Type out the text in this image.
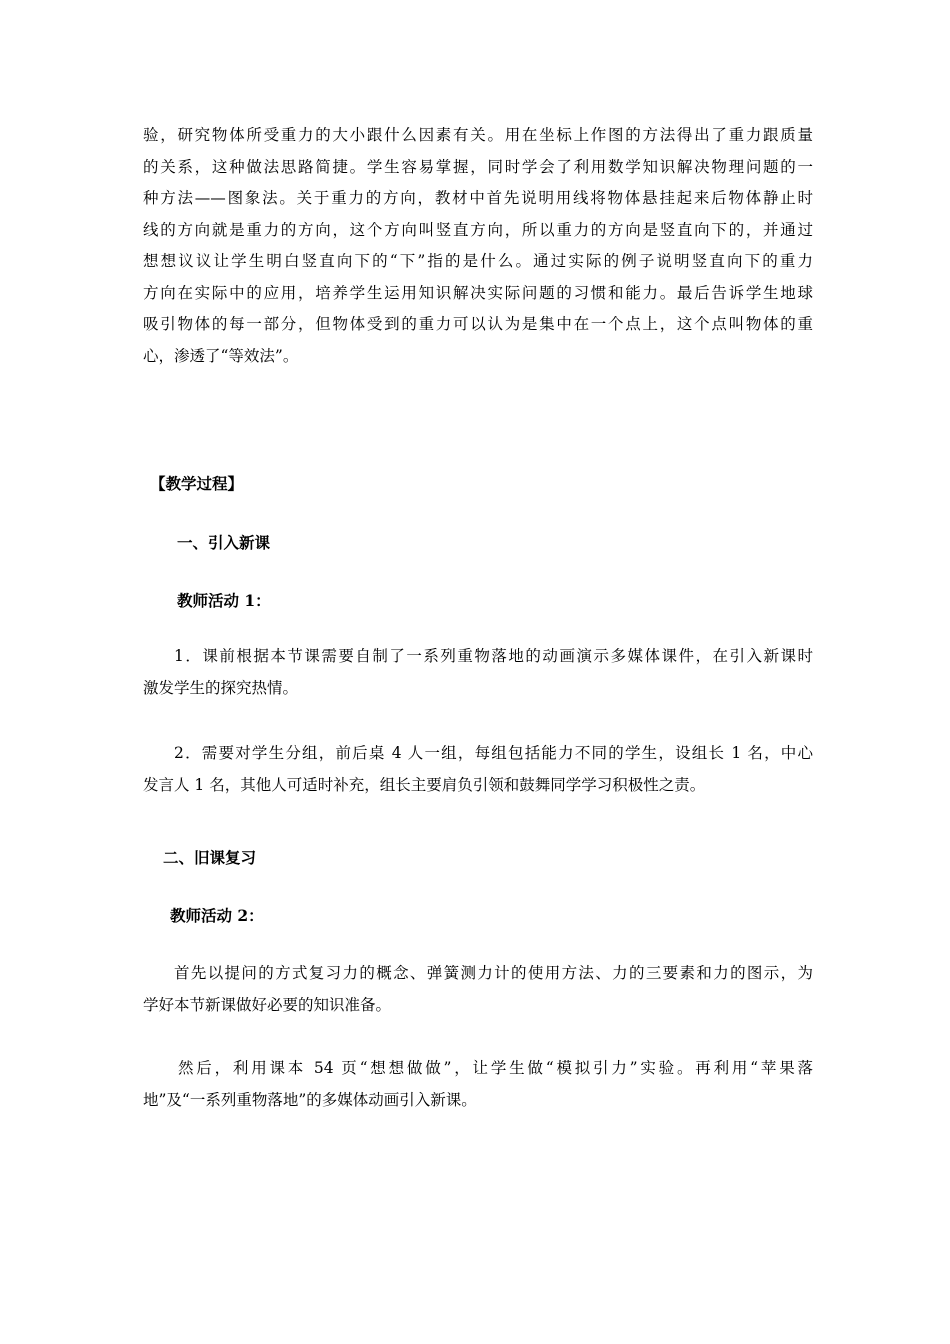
验，研究物体所受重力的大小跟什么因素有关。用在坐标上作图的方法得出了重力跟质量
的关系，这种做法思路简捷。学生容易掌握，同时学会了利用数学知识解决物理问题的一
种方法——图象法。关于重力的方向，教材中首先说明用线将物体悬挂起来后物体静止时
线的方向就是重力的方向，这个方向叫竖直方向，所以重力的方向是竖直向下的，并通过
想想议议让学生明白竖直向下的“下”指的是什么。通过实际的例子说明竖直向下的重力
方向在实际中的应用，培养学生运用知识解决实际问题的习惯和能力。最后告诉学生地球
吸引物体的每一部分，但物体受到的重力可以认为是集中在一个点上，这个点叫物体的重
心，渗透了“等效法”。
【教学过程】
一、引入新课
教师活动 1：
1．课前根据本节课需要自制了一系列重物落地的动画演示多媒体课件，在引入新课时
激发学生的探究热情。
2．需要对学生分组，前后桌 4 人一组，每组包括能力不同的学生，设组长 1 名，中心
发言人 1 名，其他人可适时补充，组长主要肩负引领和鼓舞同学学习积极性之责。
二、旧课复习
教师活动 2：
首先以提问的方式复习力的概念、弹簧测力计的使用方法、力的三要素和力的图示，为
学好本节新课做好必要的知识准备。
然后，利用课本 54 页“想想做做”，让学生做“模拟引力”实验。再利用“苹果落
地”及“一系列重物落地”的多媒体动画引入新课。
